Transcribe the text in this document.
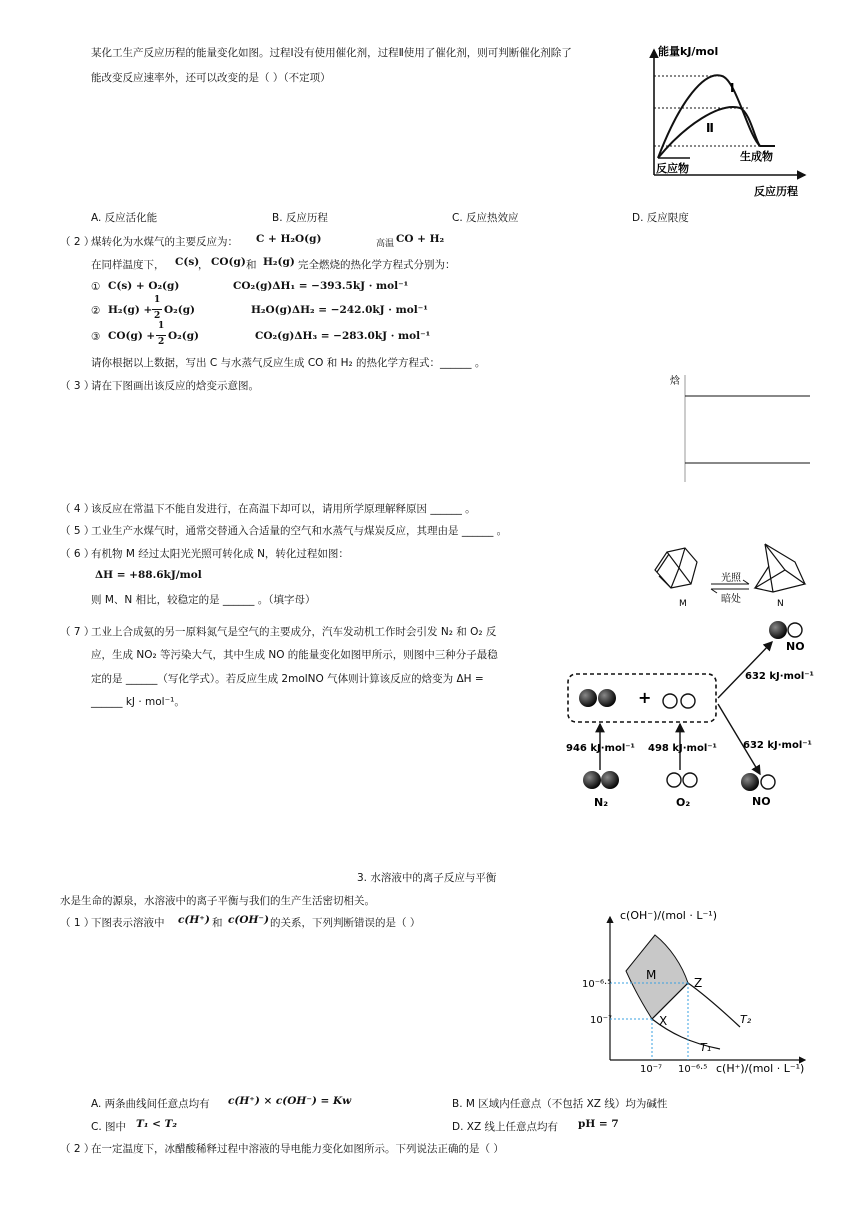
某化工生产反应历程的能量变化如图。过程Ⅰ没有使用催化剂，过程Ⅱ使用了催化剂，则可判断催化剂除了
能改变反应速率外，还可以改变的是（ ）（不定项）
能量kJ/mol
反应历程
Ⅰ
Ⅱ
反应物
生成物
A. 反应活化能	B. 反应历程	C. 反应热效应	D. 反应限度
（ 2 ）
煤转化为水煤气的主要反应为： C + H₂O(g)	高温 CO + H₂
在同样温度下， C(s)
， CO(g) 和 H₂(g) 完全燃烧的热化学方程式分别为：
① C(s) + O₂(g)	CO₂(g)ΔH₁ = −393.5kJ · mol⁻¹
② H₂(g) +
1
2 O₂(g)	H₂O(g)ΔH₂ = −242.0kJ · mol⁻¹
③ CO(g) +
1
2 O₂(g)	CO₂(g)ΔH₃ = −283.0kJ · mol⁻¹
请你根据以上数据，写出 C 与水蒸气反应生成 CO 和 H₂ 的热化学方程式：______ 。
（ 3 ）
请在下图画出该反应的焓变示意图。	焓
（ 4 ）
该反应在常温下不能自发进行，在高温下却可以，请用所学原理解释原因 ______ 。
（ 5 ）
工业生产水煤气时，通常交替通入合适量的空气和水蒸气与煤炭反应，其理由是 ______ 。
（ 6 ）
有机物 M 经过太阳光光照可转化成 N，转化过程如图：
ΔH = +88.6kJ/mol
则 M、N 相比，较稳定的是 ______ 。（填字母）	M
光照
暗处	N
（ 7 ）
工业上合成氨的另一原料氮气是空气的主要成分，汽车发动机工作时会引发 N₂ 和 O₂ 反
应，生成 NO₂ 等污染大气，其中生成 NO 的能量变化如图甲所示，则图中三种分子最稳
定的是 ______（写化学式）。若反应生成 2molNO 气体则计算该反应的焓变为 ΔH =
______ kJ · mol⁻¹。	+
NO
632 kJ·mol⁻¹
632 kJ·mol⁻¹
NO
946 kJ·mol⁻¹ 498 kJ·mol⁻¹
N₂	O₂
3. 水溶液中的离子反应与平衡
水是生命的源泉，水溶液中的离子平衡与我们的生产生活密切相关。
（ 1 ）
下图表示溶液中 c(H⁺) 和 c(OH⁻) 的关系，下列判断错误的是（ ）
c(OH⁻)/(mol · L⁻¹)
c(H⁺)/(mol · L⁻¹)
10⁻⁶·⁵
10⁻⁷
10⁻⁷ 10⁻⁶·⁵
M
Z
X
T₁
T₂
A. 两条曲线间任意点均有 c(H⁺) × c(OH⁻) = Kw	B. M 区域内任意点（不包括 XZ 线）均为碱性
C. 图中 T₁ < T₂	D. XZ 线上任意点均有 pH = 7
（ 2 ）
在一定温度下，冰醋酸稀释过程中溶液的导电能力变化如图所示。下列说法正确的是（ ）
